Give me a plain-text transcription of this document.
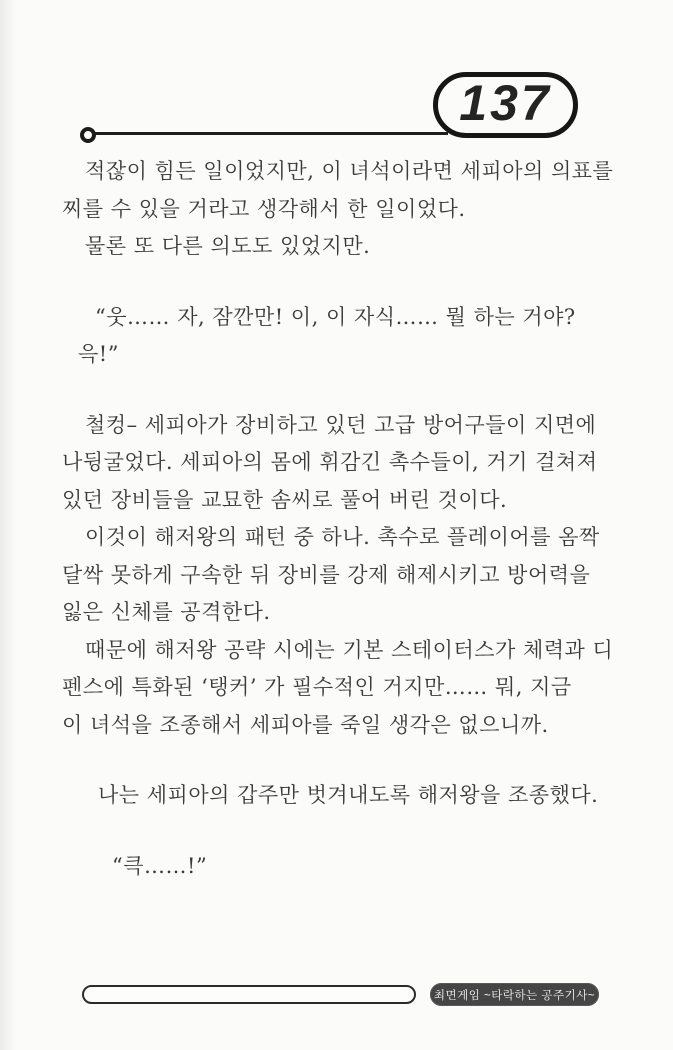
137
적잖이 힘든 일이었지만, 이 녀석이라면 세피아의 의표를
찌를 수 있을 거라고 생각해서 한 일이었다.
물론 또 다른 의도도 있었지만.
“웃…… 자, 잠깐만! 이, 이 자식…… 뭘 하는 거야?
윽!”
철컹– 세피아가 장비하고 있던 고급 방어구들이 지면에
나뒹굴었다. 세피아의 몸에 휘감긴 촉수들이, 거기 걸쳐져
있던 장비들을 교묘한 솜씨로 풀어 버린 것이다.
이것이 해저왕의 패턴 중 하나. 촉수로 플레이어를 옴짝
달싹 못하게 구속한 뒤 장비를 강제 해제시키고 방어력을
잃은 신체를 공격한다.
때문에 해저왕 공략 시에는 기본 스테이터스가 체력과 디
펜스에 특화된 ‘탱커’ 가 필수적인 거지만…… 뭐, 지금
이 녀석을 조종해서 세피아를 죽일 생각은 없으니까.
나는 세피아의 갑주만 벗겨내도록 해저왕을 조종했다.
“큭……!”
최면게임 ~타락하는 공주기사~
